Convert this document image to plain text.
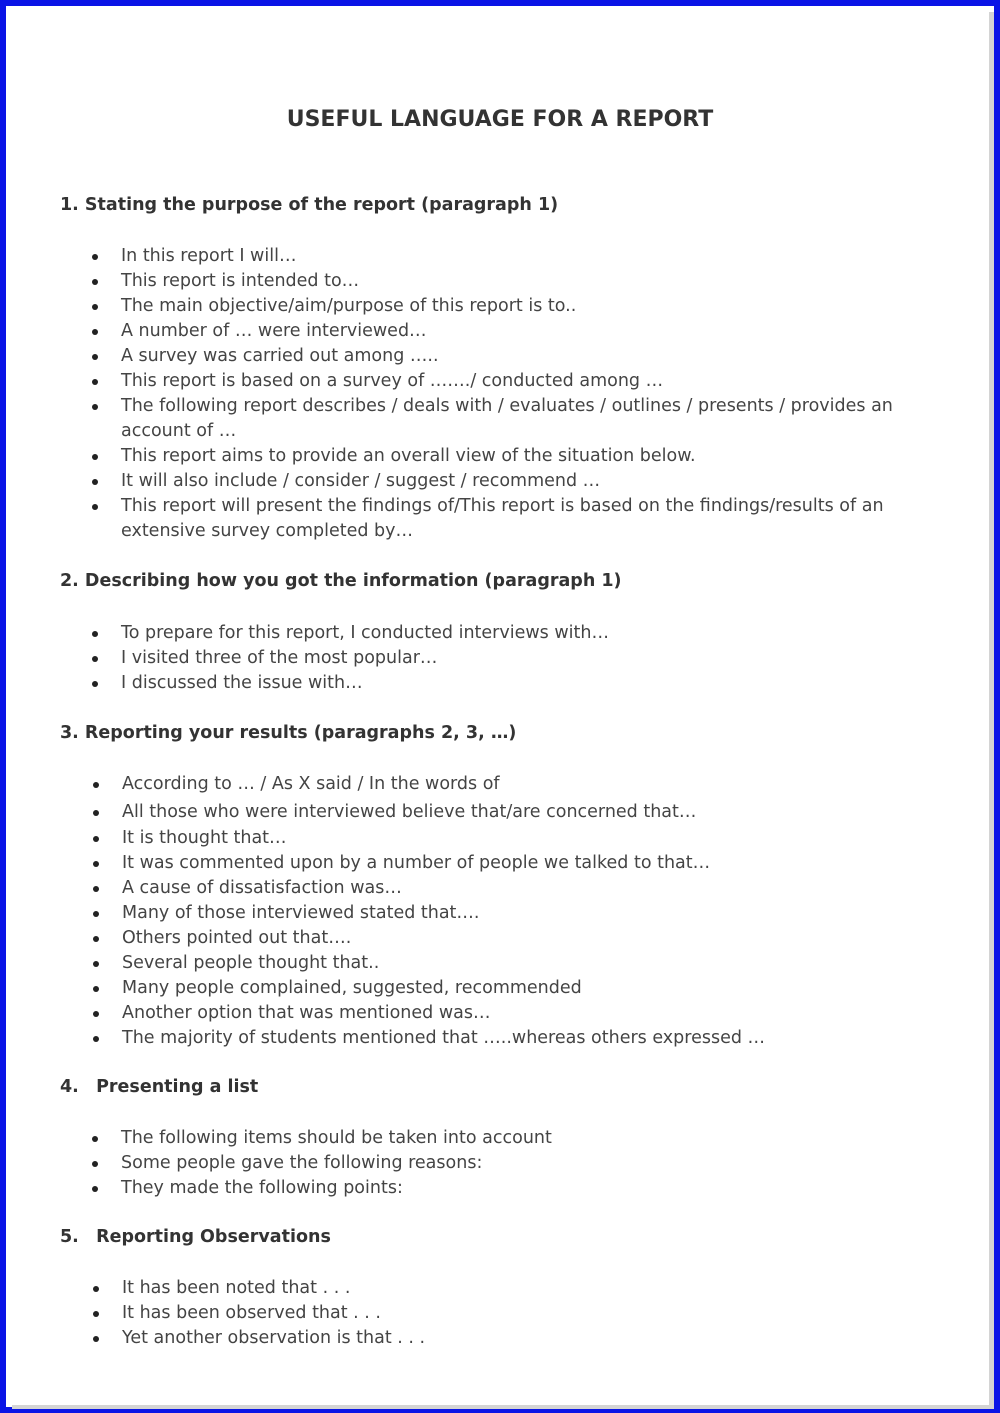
USEFUL LANGUAGE FOR A REPORT
1. Stating the purpose of the report (paragraph 1)
In this report I will…
This report is intended to…
The main objective/aim/purpose of this report is to..
A number of … were interviewed…
A survey was carried out among …..
This report is based on a survey of ……./ conducted among …
The following report describes / deals with / evaluates / outlines / presents / provides an account of …
This report aims to provide an overall view of the situation below.
It will also include / consider / suggest / recommend …
This report will present the findings of/This report is based on the findings/results of an extensive survey completed by…
2. Describing how you got the information (paragraph 1)
To prepare for this report, I conducted interviews with…
I visited three of the most popular…
I discussed the issue with…
3. Reporting your results (paragraphs 2, 3, …)
According to … / As X said / In the words of
All those who were interviewed believe that/are concerned that…
It is thought that…
It was commented upon by a number of people we talked to that…
A cause of dissatisfaction was…
Many of those interviewed stated that….
Others pointed out that….
Several people thought that..
Many people complained, suggested, recommended
Another option that was mentioned was…
The majority of students mentioned that …..whereas others expressed …
4. Presenting a list
The following items should be taken into account
Some people gave the following reasons:
They made the following points:
5. Reporting Observations
It has been noted that . . .
It has been observed that . . .
Yet another observation is that . . .
